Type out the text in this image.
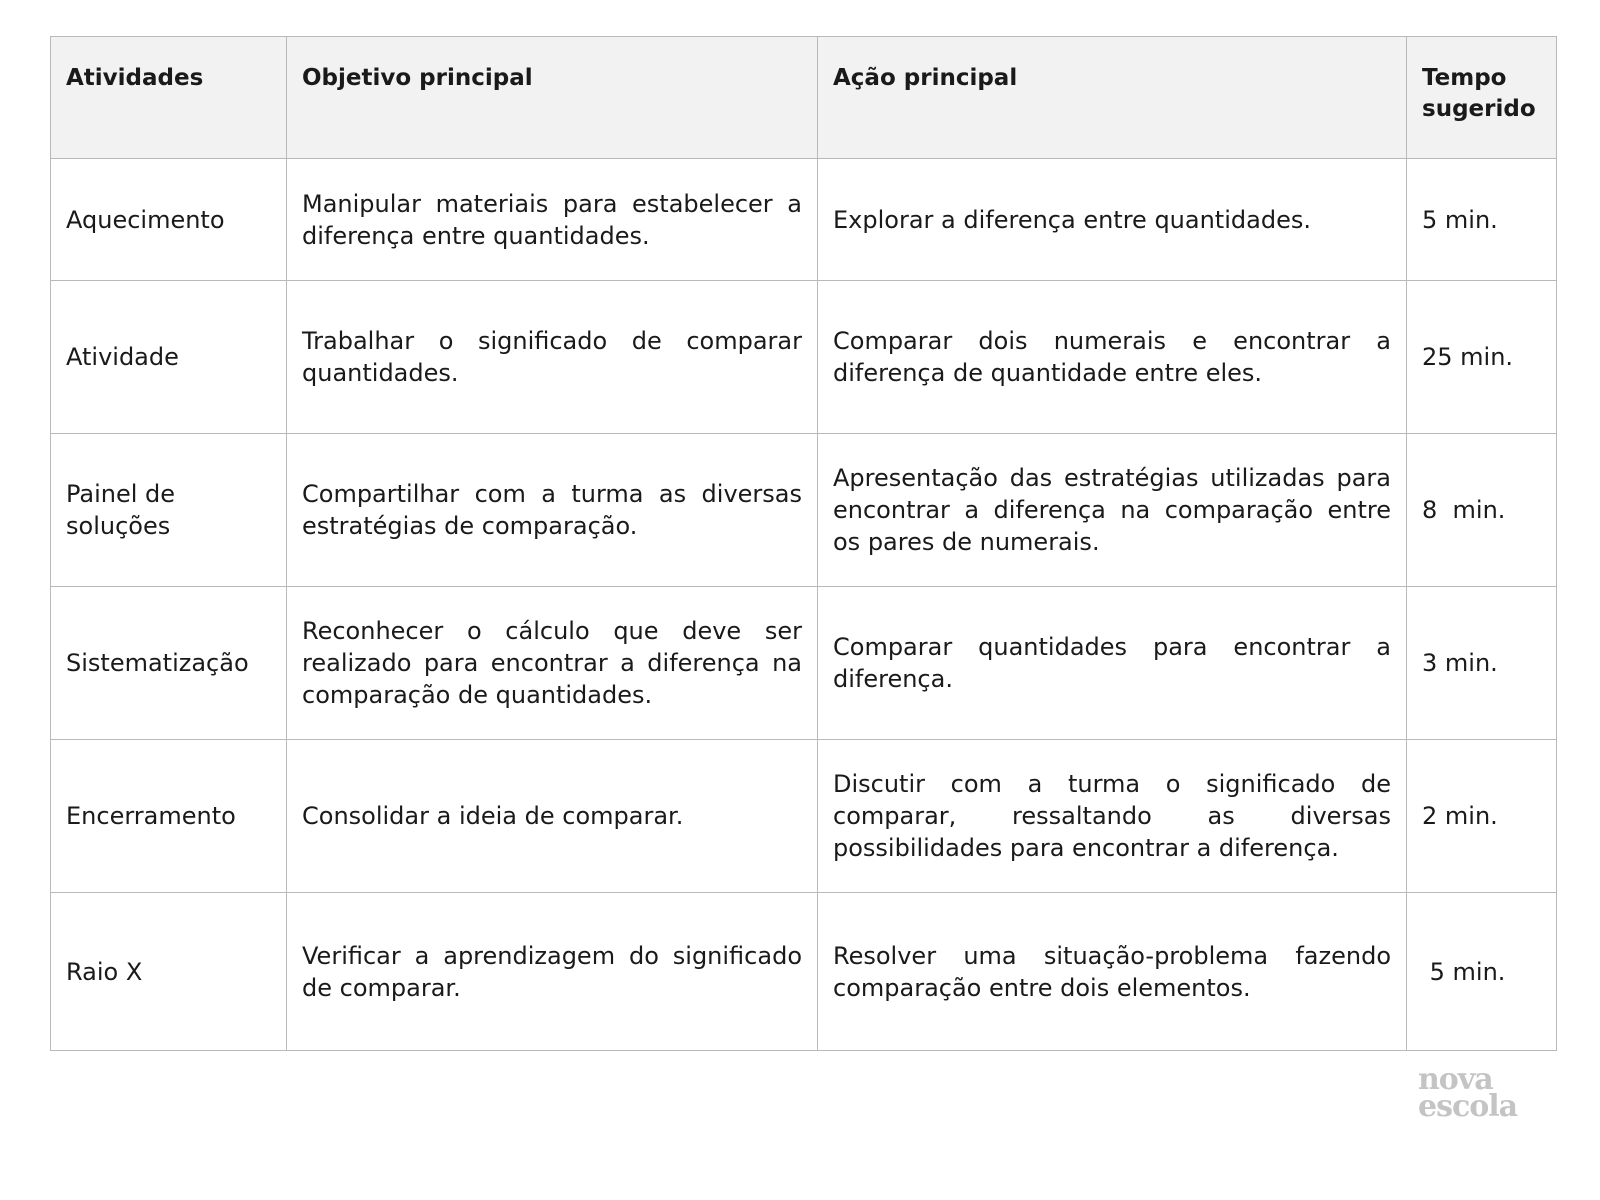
Atividades	Objetivo principal	Ação principal	Tempo sugerido
Aquecimento	Manipular materiais para estabelecer a diferença entre quantidades.	Explorar a diferença entre quantidades.	5 min.
Atividade	Trabalhar o significado de comparar quantidades.	Comparar dois numerais e encontrar a diferença de quantidade entre eles.	25 min.
Painel de soluções	Compartilhar com a turma as diversas estratégias de comparação.	Apresentação das estratégias utilizadas para encontrar a diferença na comparação entre os pares de numerais.	8  min.
Sistematização	Reconhecer o cálculo que deve ser realizado para encontrar a diferença na comparação de quantidades.	Comparar quantidades para encontrar a diferença.	3 min.
Encerramento	Consolidar a ideia de comparar.	Discutir com a turma o significado de comparar, ressaltando as diversas possibilidades para encontrar a diferença.	2 min.
Raio X	Verificar a aprendizagem do significado de comparar.	Resolver uma situação-problema fazendo comparação entre dois elementos.	5 min.
nova
escola
